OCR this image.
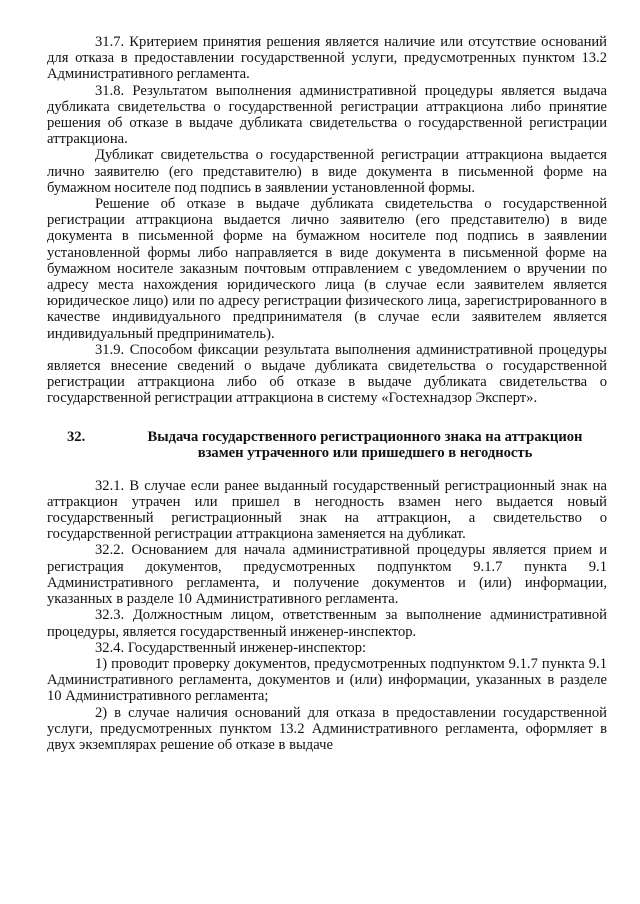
31.7. Критерием принятия решения является наличие или отсутствие оснований для отказа в предоставлении государственной услуги, предусмотренных пунктом 13.2 Административного регламента.

31.8. Результатом выполнения административной процедуры является выдача дубликата свидетельства о государственной регистрации аттракциона либо принятие решения об отказе в выдаче дубликата свидетельства о государственной регистрации аттракциона.

Дубликат свидетельства о государственной регистрации аттракциона выдается лично заявителю (его представителю) в виде документа в письменной форме на бумажном носителе под подпись в заявлении установленной формы.

Решение об отказе в выдаче дубликата свидетельства о государственной регистрации аттракциона выдается лично заявителю (его представителю) в виде документа в письменной форме на бумажном носителе под подпись в заявлении установленной формы либо направляется в виде документа в письменной форме на бумажном носителе заказным почтовым отправлением с уведомлением о вручении по адресу места нахождения юридического лица (в случае если заявителем является юридическое лицо) или по адресу регистрации физического лица, зарегистрированного в качестве индивидуального предпринимателя (в случае если заявителем является индивидуальный предприниматель).

31.9. Способом фиксации результата выполнения административной процедуры является внесение сведений о выдаче дубликата свидетельства о государственной регистрации аттракциона либо об отказе в выдаче дубликата свидетельства о государственной регистрации аттракциона в систему «Гостехнадзор Эксперт».

32.	Выдача государственного регистрационного знака на аттракцион взамен утраченного или пришедшего в негодность

32.1. В случае если ранее выданный государственный регистрационный знак на аттракцион утрачен или пришел в негодность взамен него выдается новый государственный регистрационный знак на аттракцион, а свидетельство о государственной регистрации аттракциона заменяется на дубликат.

32.2. Основанием для начала административной процедуры является прием и регистрация документов, предусмотренных подпунктом 9.1.7 пункта 9.1 Административного регламента, и получение документов и (или) информации, указанных в разделе 10 Административного регламента.

32.3. Должностным лицом, ответственным за выполнение административной процедуры, является государственный инженер-инспектор.

32.4. Государственный инженер-инспектор:

1) проводит проверку документов, предусмотренных подпунктом 9.1.7 пункта 9.1 Административного регламента, документов и (или) информации, указанных в разделе 10 Административного регламента;

2) в случае наличия оснований для отказа в предоставлении государственной услуги, предусмотренных пунктом 13.2 Административного регламента, оформляет в двух экземплярах решение об отказе в выдаче
